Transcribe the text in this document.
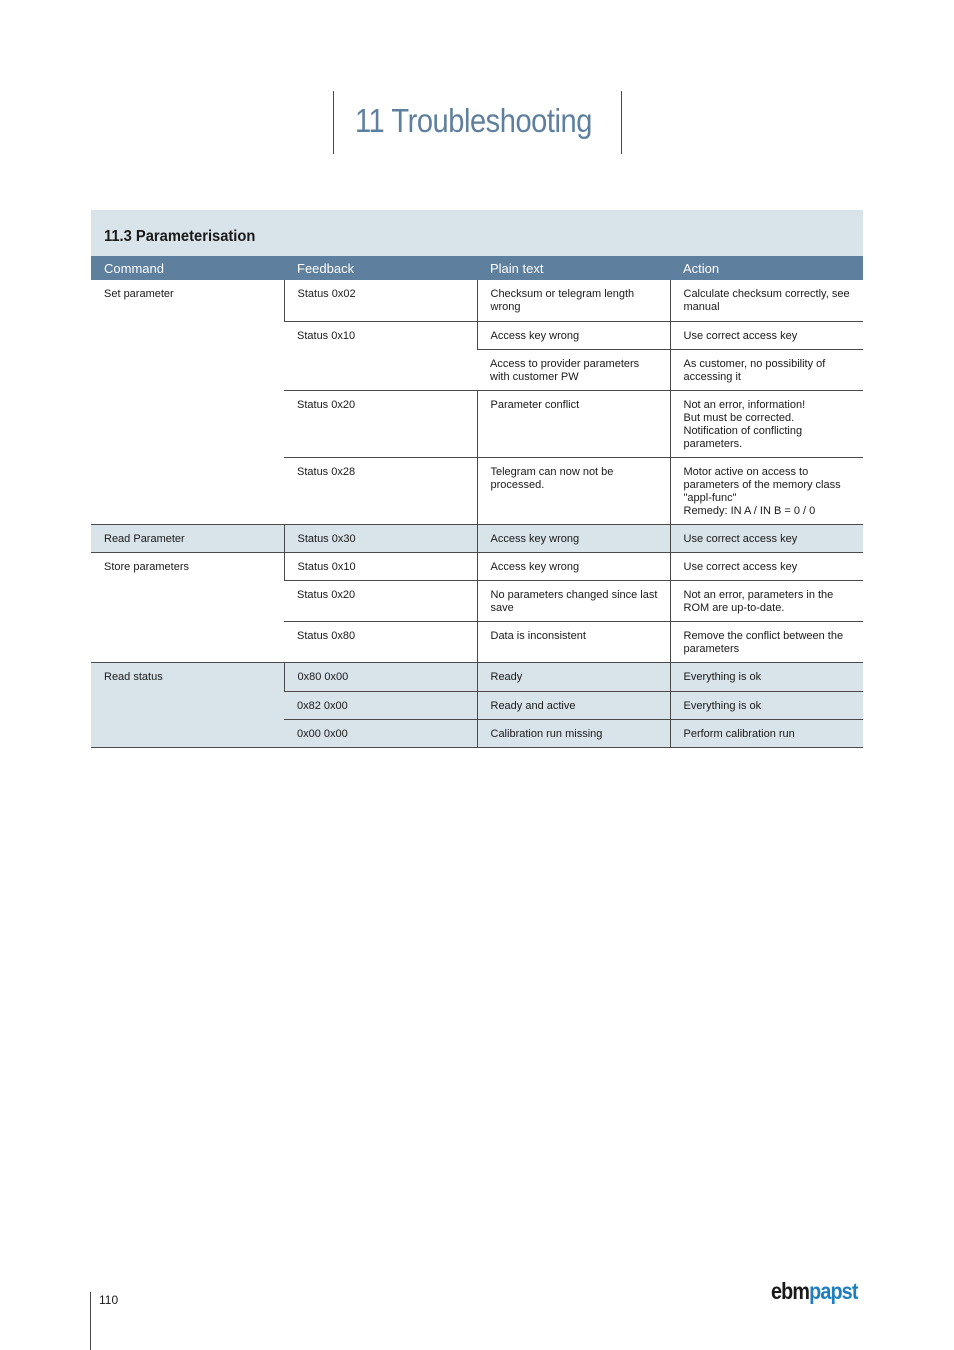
11 Troubleshooting
11.3 Parameterisation
Command	Feedback	Plain text	Action

Set parameter	Status 0x02	Checksum or telegram length wrong	Calculate checksum correctly, see manual

	Status 0x10	Access key wrong	Use correct access key

		Access to provider parameters with customer PW	As customer, no possibility of accessing it

	Status 0x20	Parameter conflict	Not an error, information!
But must be corrected.
Notification of conflicting parameters.

	Status 0x28	Telegram can now not be processed.	Motor active on access to parameters of the memory class "appl-func"
Remedy: IN A / IN B = 0 / 0

Read Parameter	Status 0x30	Access key wrong	Use correct access key

Store parameters	Status 0x10	Access key wrong	Use correct access key

	Status 0x20	No parameters changed since last save	Not an error, parameters in the ROM are up-to-date.

	Status 0x80	Data is inconsistent	Remove the conflict between the parameters

Read status	0x80 0x00	Ready	Everything is ok

	0x82 0x00	Ready and active	Everything is ok

	0x00 0x00	Calibration run missing	Perform calibration run
110	ebmpapst
